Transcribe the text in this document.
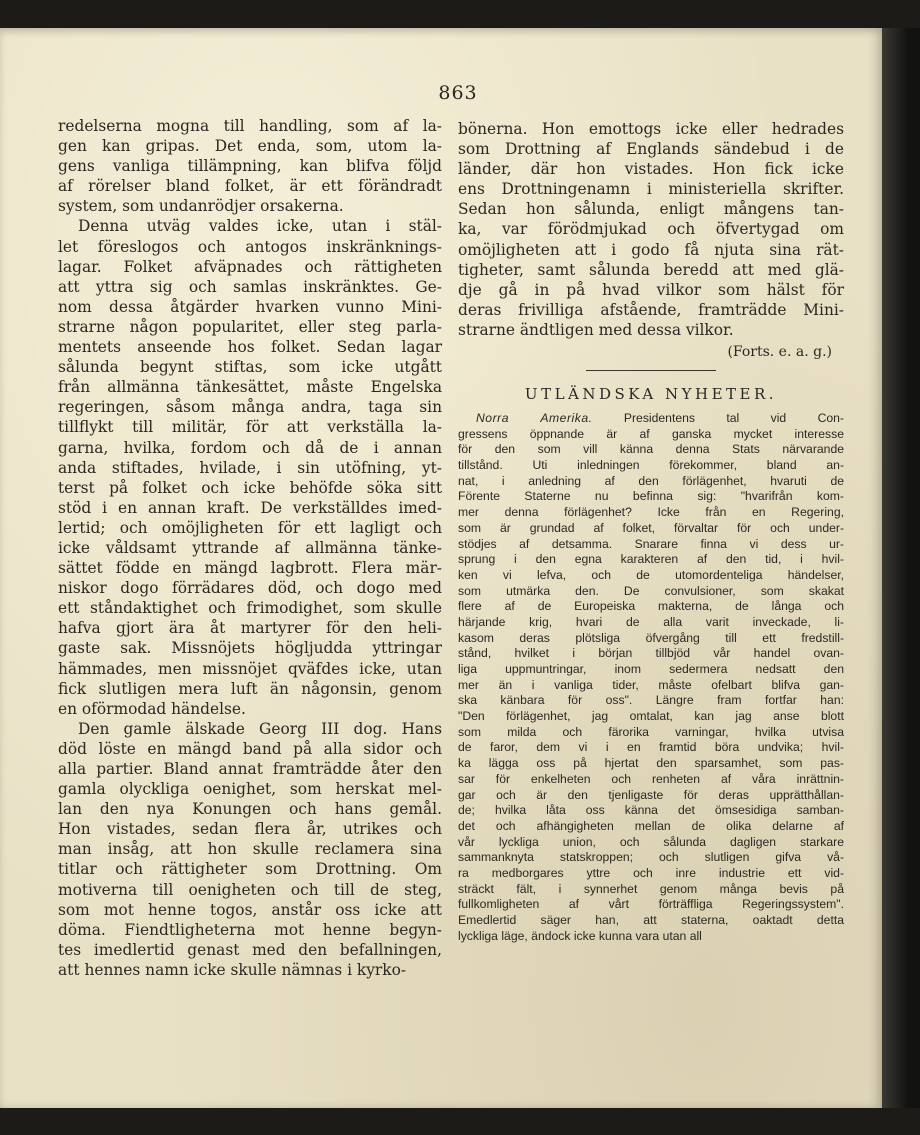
863
redelserna mogna till handling, som af la-
gen kan gripas. Det enda, som, utom la-
gens vanliga tillämpning, kan blifva följd
af rörelser bland folket, är ett förändradt
system, som undanrödjer orsakerna.
Denna utväg valdes icke, utan i stäl-
let föreslogos och antogos inskränknings-
lagar. Folket afväpnades och rättigheten
att yttra sig och samlas inskränktes. Ge-
nom dessa åtgärder hvarken vunno Mini-
strarne någon popularitet, eller steg parla-
mentets anseende hos folket. Sedan lagar
sålunda begynt stiftas, som icke utgått
från allmänna tänkesättet, måste Engelska
regeringen, såsom många andra, taga sin
tillflykt till militär, för att verkställa la-
garna, hvilka, fordom och då de i annan
anda stiftades, hvilade, i sin utöfning, yt-
terst på folket och icke behöfde söka sitt
stöd i en annan kraft. De verkställdes imed-
lertid; och omöjligheten för ett lagligt och
icke våldsamt yttrande af allmänna tänke-
sättet födde en mängd lagbrott. Flera mär-
niskor dogo förrädares död, och dogo med
ett ståndaktighet och frimodighet, som skulle
hafva gjort ära åt martyrer för den heli-
gaste sak. Missnöjets högljudda yttringar
hämmades, men missnöjet qväfdes icke, utan
fick slutligen mera luft än någonsin, genom
en oförmodad händelse.
Den gamle älskade Georg III dog. Hans
död löste en mängd band på alla sidor och
alla partier. Bland annat framträdde åter den
gamla olyckliga oenighet, som herskat mel-
lan den nya Konungen och hans gemål.
Hon vistades, sedan flera år, utrikes och
man insåg, att hon skulle reclamera sina
titlar och rättigheter som Drottning. Om
motiverna till oenigheten och till de steg,
som mot henne togos, anstår oss icke att
döma. Fiendtligheterna mot henne begyn-
tes imedlertid genast med den befallningen,
att hennes namn icke skulle nämnas i kyrko-
bönerna. Hon emottogs icke eller hedrades
som Drottning af Englands sändebud i de
länder, där hon vistades. Hon fick icke
ens Drottningenamn i ministeriella skrifter.
Sedan hon sålunda, enligt mångens tan-
ka, var förödmjukad och öfvertygad om
omöjligheten att i godo få njuta sina rät-
tigheter, samt sålunda beredd att med glä-
dje gå in på hvad vilkor som hälst för
deras frivilliga afstående, framträdde Mini-
strarne ändtligen med dessa vilkor.
(Forts. e. a. g.)
UTLÄNDSKA NYHETER.
Norra Amerika. Presidentens tal vid Con-
gressens öppnande är af ganska mycket interesse
för den som vill känna denna Stats närvarande
tillstånd. Uti inledningen förekommer, bland an-
nat, i anledning af den förlägenhet, hvaruti de
Förente Staterne nu befinna sig: "hvarifrån kom-
mer denna förlägenhet? Icke från en Regering,
som är grundad af folket, förvaltar för och under-
stödjes af detsamma. Snarare finna vi dess ur-
sprung i den egna karakteren af den tid, i hvil-
ken vi lefva, och de utomordenteliga händelser,
som utmärka den. De convulsioner, som skakat
flere af de Europeiska makterna, de långa och
härjande krig, hvari de alla varit inveckade, li-
kasom deras plötsliga öfvergång till ett fredstill-
stånd, hvilket i början tillbjöd vår handel ovan-
liga uppmuntringar, inom sedermera nedsatt den
mer än i vanliga tider, måste ofelbart blifva gan-
ska känbara för oss". Längre fram fortfar han:
"Den förlägenhet, jag omtalat, kan jag anse blott
som milda och färorika varningar, hvilka utvisa
de faror, dem vi i en framtid böra undvika; hvil-
ka lägga oss på hjertat den sparsamhet, som pas-
sar för enkelheten och renheten af våra inrättnin-
gar och är den tjenligaste för deras upprätthållan-
de; hvilka låta oss känna det ömsesidiga samban-
det och afhängigheten mellan de olika delarne af
vår lyckliga union, och sålunda dagligen starkare
sammanknyta statskroppen; och slutligen gifva vå-
ra medborgares yttre och inre industrie ett vid-
sträckt fält, i synnerhet genom många bevis på
fullkomligheten af vårt förträffliga Regeringssystem".
Emedlertid säger han, att staterna, oaktadt detta
lyckliga läge, ändock icke kunna vara utan all
